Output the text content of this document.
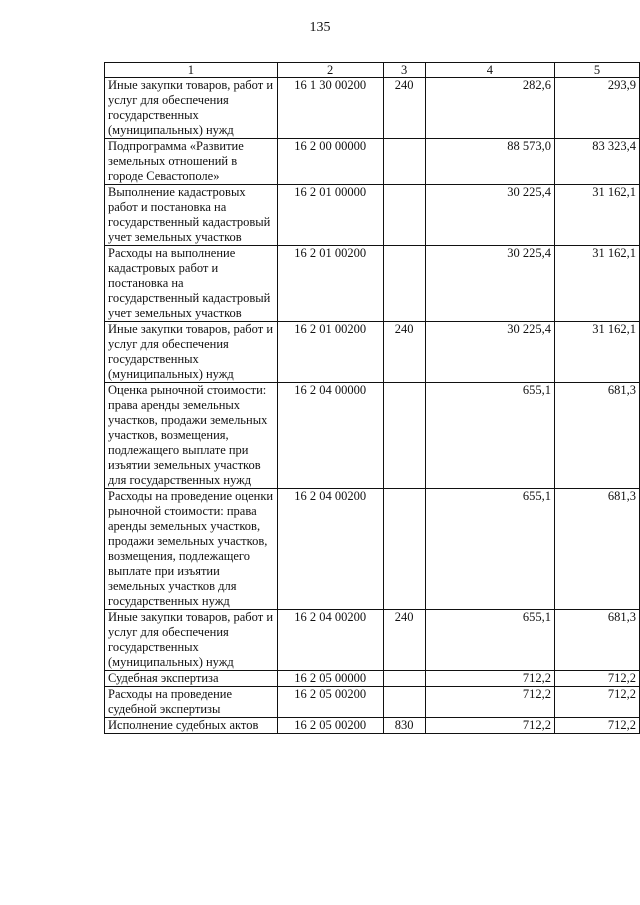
135
1	2	3	4	5
Иные закупки товаров, работ и услуг для обеспечения государственных (муниципальных) нужд	16 1 30 00200	240	282,6	293,9
Подпрограмма «Развитие земельных отношений в городе Севастополе»	16 2 00 00000		88 573,0	83 323,4
Выполнение кадастровых работ и постановка на государственный кадастровый учет земельных участков	16 2 01 00000		30 225,4	31 162,1
Расходы на выполнение кадастровых работ и постановка на государственный кадастровый учет земельных участков	16 2 01 00200		30 225,4	31 162,1
Иные закупки товаров, работ и услуг для обеспечения государственных (муниципальных) нужд	16 2 01 00200	240	30 225,4	31 162,1
Оценка рыночной стоимости: права аренды земельных участков, продажи земельных участков, возмещения, подлежащего выплате при изъятии земельных участков для государственных нужд	16 2 04 00000		655,1	681,3
Расходы на проведение оценки рыночной стоимости: права аренды земельных участков, продажи земельных участков, возмещения, подлежащего выплате при изъятии земельных участков для государственных нужд	16 2 04 00200		655,1	681,3
Иные закупки товаров, работ и услуг для обеспечения государственных (муниципальных) нужд	16 2 04 00200	240	655,1	681,3
Судебная экспертиза	16 2 05 00000		712,2	712,2
Расходы на проведение судебной экспертизы	16 2 05 00200		712,2	712,2
Исполнение судебных актов	16 2 05 00200	830	712,2	712,2
